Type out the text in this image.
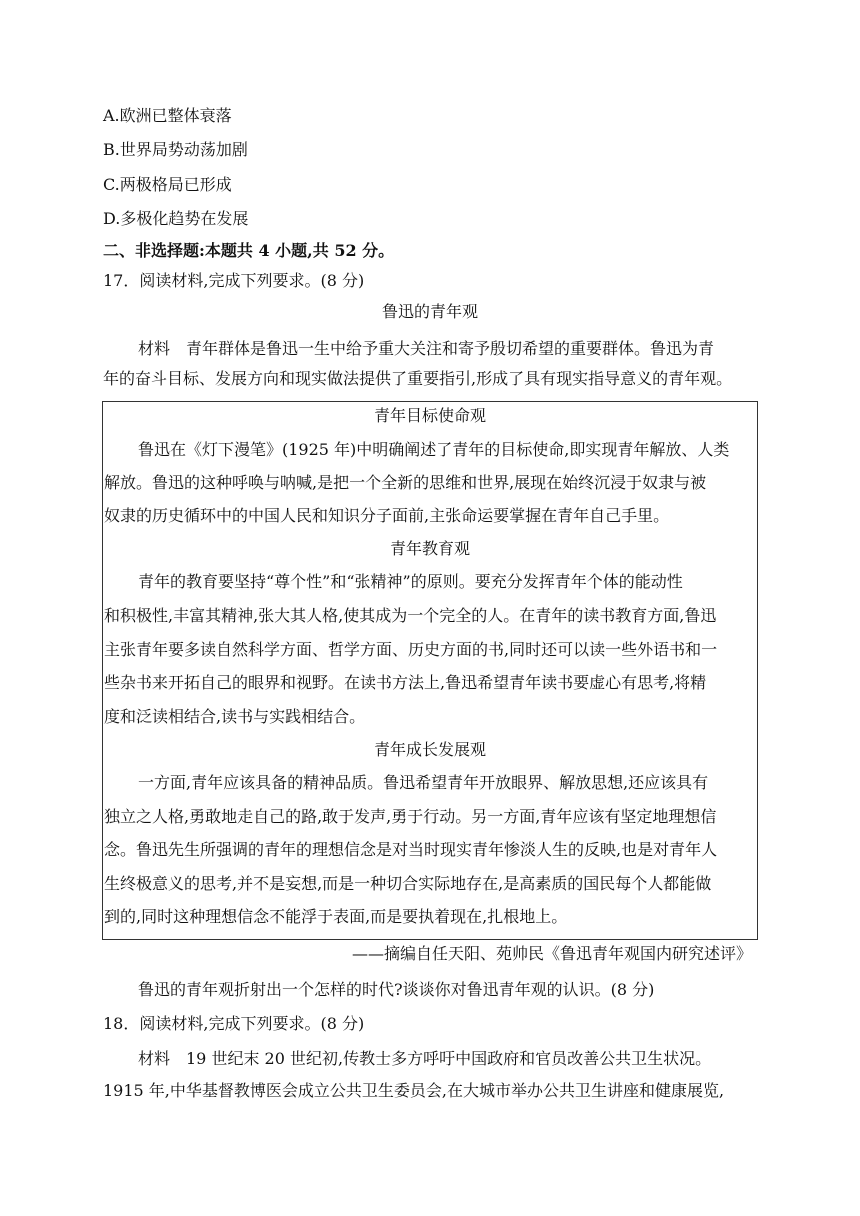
A.欧洲已整体衰落
B.世界局势动荡加剧
C.两极格局已形成
D.多极化趋势在发展
二、非选择题:本题共 4 小题,共 52 分。
17．阅读材料,完成下列要求。(8 分)
鲁迅的青年观
材料　青年群体是鲁迅一生中给予重大关注和寄予殷切希望的重要群体。鲁迅为青
年的奋斗目标、发展方向和现实做法提供了重要指引,形成了具有现实指导意义的青年观。
青年目标使命观
鲁迅在《灯下漫笔》(1925 年)中明确阐述了青年的目标使命,即实现青年解放、人类
解放。鲁迅的这种呼唤与呐喊,是把一个全新的思维和世界,展现在始终沉浸于奴隶与被
奴隶的历史循环中的中国人民和知识分子面前,主张命运要掌握在青年自己手里。
青年教育观
青年的教育要坚持“尊个性”和“张精神”的原则。要充分发挥青年个体的能动性
和积极性,丰富其精神,张大其人格,使其成为一个完全的人。在青年的读书教育方面,鲁迅
主张青年要多读自然科学方面、哲学方面、历史方面的书,同时还可以读一些外语书和一
些杂书来开拓自己的眼界和视野。在读书方法上,鲁迅希望青年读书要虚心有思考,将精
度和泛读相结合,读书与实践相结合。
青年成长发展观
一方面,青年应该具备的精神品质。鲁迅希望青年开放眼界、解放思想,还应该具有
独立之人格,勇敢地走自己的路,敢于发声,勇于行动。另一方面,青年应该有坚定地理想信
念。鲁迅先生所强调的青年的理想信念是对当时现实青年惨淡人生的反映,也是对青年人
生终极意义的思考,并不是妄想,而是一种切合实际地存在,是高素质的国民每个人都能做
到的,同时这种理想信念不能浮于表面,而是要执着现在,扎根地上。
——摘编自任天阳、苑帅民《鲁迅青年观国内研究述评》
鲁迅的青年观折射出一个怎样的时代?谈谈你对鲁迅青年观的认识。(8 分)
18．阅读材料,完成下列要求。(8 分)
材料　19 世纪末 20 世纪初,传教士多方呼吁中国政府和官员改善公共卫生状况。
1915 年,中华基督教博医会成立公共卫生委员会,在大城市举办公共卫生讲座和健康展览,
